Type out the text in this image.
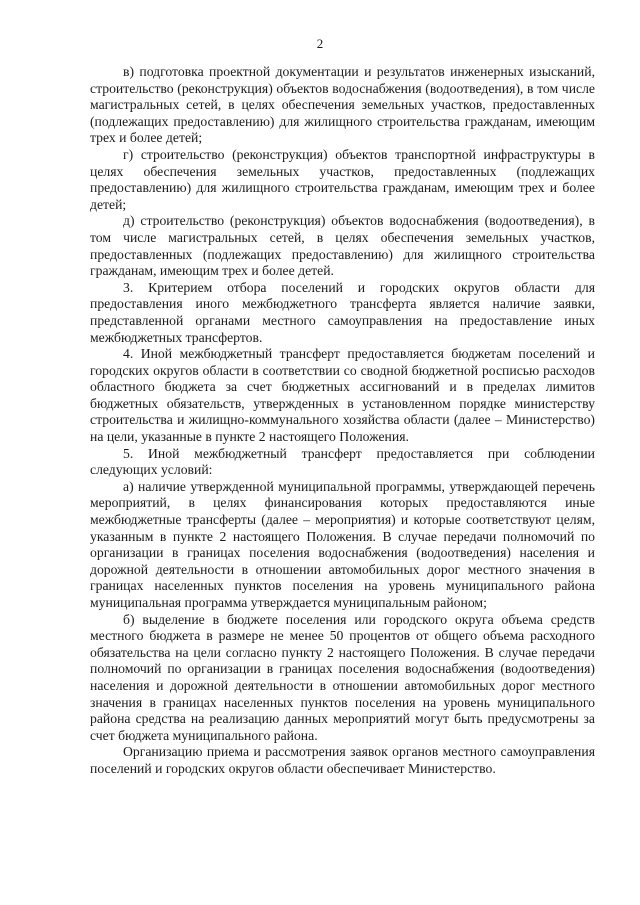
2

в) подготовка проектной документации и результатов инженерных изысканий, строительство (реконструкция) объектов водоснабжения (водоотведения), в том числе магистральных сетей, в целях обеспечения земельных участков, предоставленных (подлежащих предоставлению) для жилищного строительства гражданам, имеющим трех и более детей;

г) строительство (реконструкция) объектов транспортной инфраструктуры в целях обеспечения земельных участков, предоставленных (подлежащих предоставлению) для жилищного строительства гражданам, имеющим трех и более детей;

д) строительство (реконструкция) объектов водоснабжения (водоотведения), в том числе магистральных сетей, в целях обеспечения земельных участков, предоставленных (подлежащих предоставлению) для жилищного строительства гражданам, имеющим трех и более детей.

3. Критерием отбора поселений и городских округов области для предоставления иного межбюджетного трансферта является наличие заявки, представленной органами местного самоуправления на предоставление иных межбюджетных трансфертов.

4. Иной межбюджетный трансферт предоставляется бюджетам поселений и городских округов области в соответствии со сводной бюджетной росписью расходов областного бюджета за счет бюджетных ассигнований и в пределах лимитов бюджетных обязательств, утвержденных в установленном порядке министерству строительства и жилищно-коммунального хозяйства области (далее – Министерство) на цели, указанные в пункте 2 настоящего Положения.

5. Иной межбюджетный трансферт предоставляется при соблюдении следующих условий:

а) наличие утвержденной муниципальной программы, утверждающей перечень мероприятий, в целях финансирования которых предоставляются иные межбюджетные трансферты (далее – мероприятия) и которые соответствуют целям, указанным в пункте 2 настоящего Положения. В случае передачи полномочий по организации в границах поселения водоснабжения (водоотведения) населения и дорожной деятельности в отношении автомобильных дорог местного значения в границах населенных пунктов поселения на уровень муниципального района муниципальная программа утверждается муниципальным районом;

б) выделение в бюджете поселения или городского округа объема средств местного бюджета в размере не менее 50 процентов от общего объема расходного обязательства на цели согласно пункту 2 настоящего Положения. В случае передачи полномочий по организации в границах поселения водоснабжения (водоотведения) населения и дорожной деятельности в отношении автомобильных дорог местного значения в границах населенных пунктов поселения на уровень муниципального района средства на реализацию данных мероприятий могут быть предусмотрены за счет бюджета муниципального района.

Организацию приема и рассмотрения заявок органов местного самоуправления поселений и городских округов области обеспечивает Министерство.
